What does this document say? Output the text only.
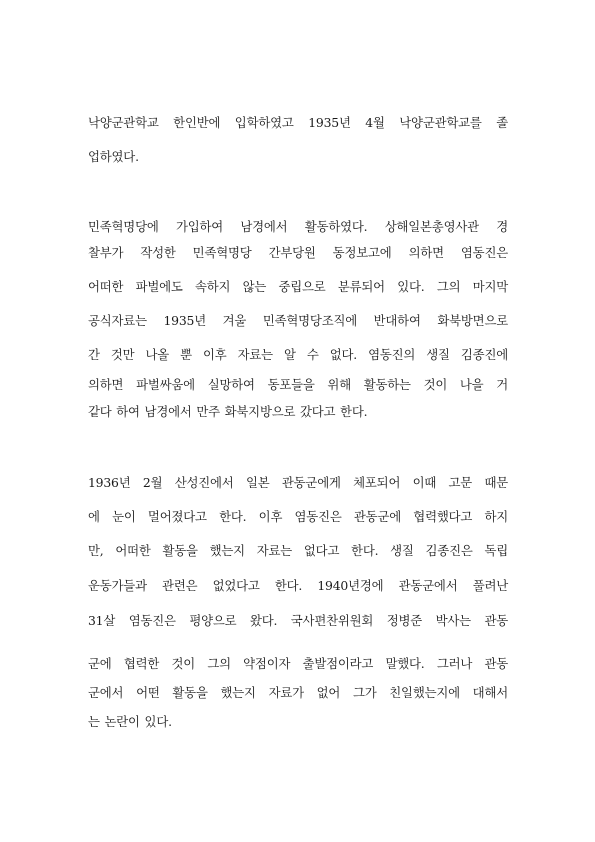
낙양군관학교 한인반에 입학하였고 1935년 4월 낙양군관학교를 졸
업하였다.
민족혁명당에 가입하여 남경에서 활동하였다. 상해일본총영사관 경
찰부가 작성한 민족혁명당 간부당원 동정보고에 의하면 염동진은
어떠한 파벌에도 속하지 않는 중립으로 분류되어 있다. 그의 마지막
공식자료는 1935년 겨울 민족혁명당조직에 반대하여 화북방면으로
간 것만 나올 뿐 이후 자료는 알 수 없다. 염동진의 생질 김종진에
의하면 파벌싸움에 실망하여 동포들을 위해 활동하는 것이 나을 거
같다 하여 남경에서 만주 화북지방으로 갔다고 한다.
1936년 2월 산성진에서 일본 관동군에게 체포되어 이때 고문 때문
에 눈이 멀어졌다고 한다. 이후 염동진은 관동군에 협력했다고 하지
만, 어떠한 활동을 했는지 자료는 없다고 한다. 생질 김종진은 독립
운동가들과 관련은 없었다고 한다. 1940년경에 관동군에서 풀려난
31살 염동진은 평양으로 왔다. 국사편찬위원회 정병준 박사는 관동
군에 협력한 것이 그의 약점이자 출발점이라고 말했다. 그러나 관동
군에서 어떤 활동을 했는지 자료가 없어 그가 친일했는지에 대해서
는 논란이 있다.
